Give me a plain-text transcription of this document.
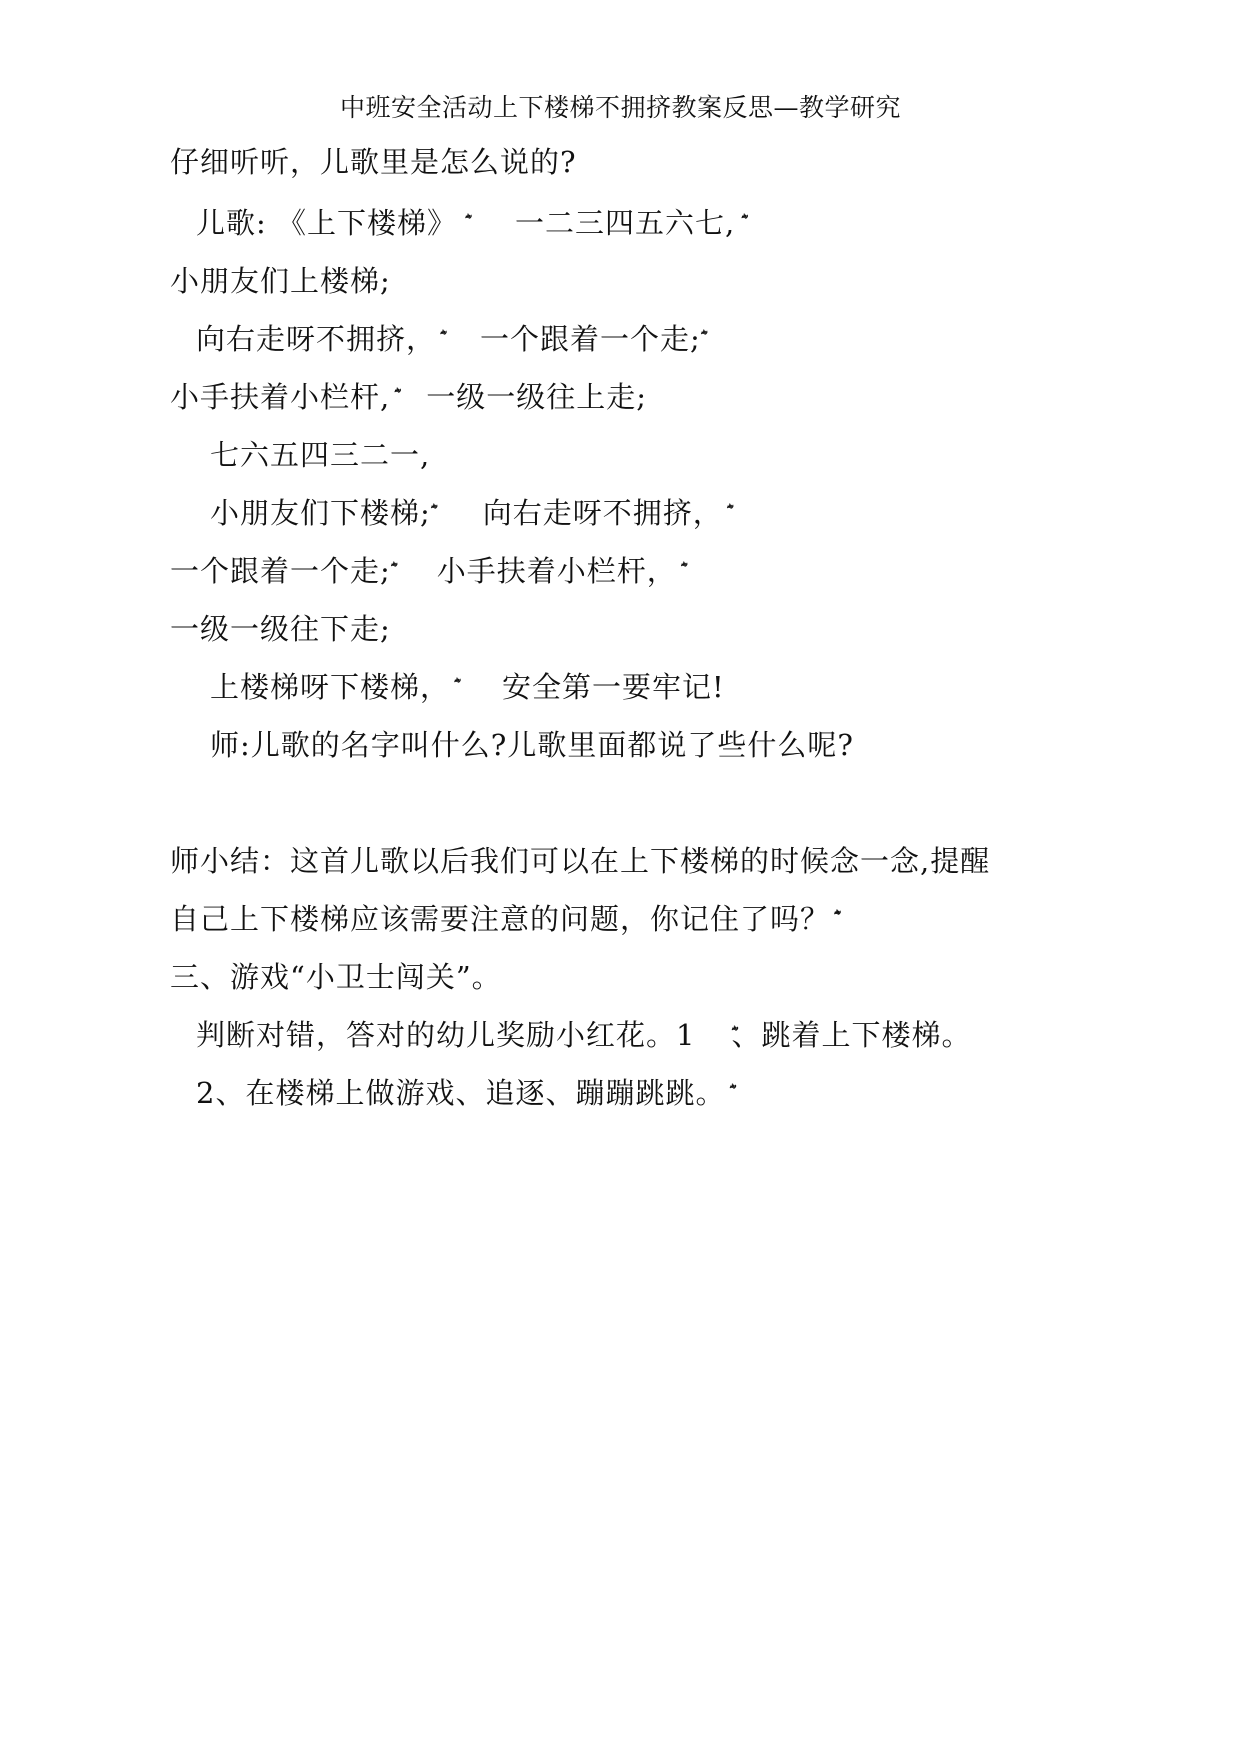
中班安全活动上下楼梯不拥挤教案反思—教学研究
仔细听听，儿歌里是怎么说的?
儿歌: 《上下楼梯》 一二三四五六七,
小朋友们上楼梯;
向右走呀不拥挤， 一个跟着一个走;
小手扶着小栏杆, 一级一级往上走;
七六五四三二一,
小朋友们下楼梯; 向右走呀不拥挤，
一个跟着一个走; 小手扶着小栏杆，
一级一级往下走;
上楼梯呀下楼梯， 安全第一要牢记!
师:儿歌的名字叫什么?儿歌里面都说了些什么呢?
师小结：这首儿歌以后我们可以在上下楼梯的时候念一念,提醒
自己上下楼梯应该需要注意的问题，你记住了吗？
三、游戏“小卫士闯关”。
判断对错，答对的幼儿奖励小红花。1 、跳着上下楼梯。
2、在楼梯上做游戏、追逐、蹦蹦跳跳。
